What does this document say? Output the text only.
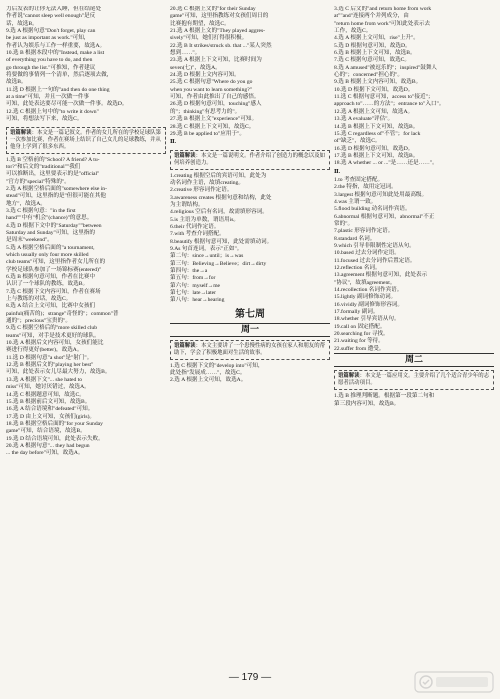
力后发表的让你无法入睡，但在结尾处

作者说"cannot sleep well enough"是反

话，故选B。

9.选 A 根据句意"Don't forget, play can

be just as important as work."可知，

作者认为娱乐与工作一样重要，故选A。

10.选 B 根据本段中的"Instead, make a list

of everything you have to do, and then

go through the list."可推知，作者建议

将要做的事情列一个清单，然后逐项去做，

故选B。

11.选 D 根据上一句的"and then do one thing

at a time"可知，并且一次做一件事

可知，此处表达要尽可能一次做一件事。故选D。

12.选 C 根据上句中的"to write it down"

可知，将想法写下来，故选C。

语篇解读：本文是一篇记叙文。作者的女儿所在的学校足球队第一次参加比赛，作者在赛场上结识了自己女儿的足球教练，并从他身上学到了很多东西。

1.选 B 空格前的"School? A friend? A tu-

tor?"和后文的"traditional""我们

可以推断出，这里要表示的是"official"

"官方的"special"特殊的"。

2.选 A 根据空格后面的"somewhere else in-

stead"可知，这里指的是"但很可能在其他

地方"，故选A。

3.选 C 根据句意："in the first

hand""中有"机会"(chance)"的意思。

4.选 D 根据下文中的"Saturday""between

Saturday and Sunday"可知，这里指的

是周末"weekend"。

5.选 A 根据空格后面的"a tournament,

which usually only four more skilled

club teams"可知，这里指作者女儿所在的

学校足球队参加了一场锦标赛(entered)"

6.选 B 根据句意可知，作者在比赛中

认识了一个球队的教练，故选B。

7.选 C 根据下文内容可知，作者在赛场

上与教练的对话，故选C。

8.选 A 结合上文可知，比赛中女孩们

painful(痛苦的)；strange"奇怪的"；common"普

通的"；precious"宝贵的"。

9.选 C 根据空格后的"more skilled club

teams"可知，对手是技术更好的球队。

10.选 A 根据后文内容可知，女孩们能比

赛进行得更好(better)，故选A。

11.选 D 根据句意"a shot"是"射门"。

12.选 B 根据后文的"playing her best"

可知，此处表示女儿尽最大努力，故选B。

13.选 A 根据下文"... she hated to

miss"可知，她讨厌错过，故选A。

14.选 C 根据题意可知，故选C。

15.选 B 根据前后文可知，故选B。

16.选 A 结合语境和"defeated"可知。

17.选 D 由上文可知，女孩们(girls)。

18.选 B 根据空格后面的"for your Sunday

game"可知，结合语境，故选B。

19.选 D 结合语境可知，此处表示失败。

20.选 A 根据句意"... they had begun

... the day before"可知，故选A。

20.选 C 根据上文的"for their Sunday

game"可知，这里指教练对女孩们周日的

比赛抱有期望，故选C。

21.选 A 根据上文的"They played aggres-

sively"可知，她们打得很积极。

22.选 B It strikes/struck sb. that ..."某人突然

想到……"。

23.选 A 根据上下文可知，比赛时间为

seven(七)"，故选A。

24.选 D 根据上文内容可知。

25.选 C 根据句意"Where do you go

when you want to learn something?"

可知，作者由此推出了自己的感悟。

26.选 D 根据句意可知，touching"感人

的"；thinking"有思考力的"。

27.选 B 根据上文"experience"可知。

28.选 C 根据上下文可知，故选C。

29.选 B be applied to"应用于"。

Ⅱ.
语篇解读：本文是一篇说明文。作者介绍了创造力的概念以及如何培养创造力。

1.creating 根据空后的宾语可知，此处为

动名词作主语，故填creating。

2.creative 形容词作定语。

3.awareness creates 根据句意和结构，此处

为主谓结构。

4.religious 空后有名词，故需填形容词。

5.is 主语为单数，谓语用is。

6.their 代词作定语。

7.with 考查介词搭配。

8.beautify 根据句意可知，此处需填动词。

9.As 句首连词，表示"正如"。

第二句：since→until；is→was

第三句：Believing→Believe；dirt→dirty

第四句：the→a

第五句：from→for

第六句：myself→me

第七句：late→later

第八句：hear→hearing

第七周
周一
语篇解读：本文主要讲了一个患慢性病的女孩在家人和朋友的帮助下，学会了积极地面对生活的故事。

1.选 C 根据下文的"develop into"可知，

此处指"发展成……"，故选C。

2.选 A 根据上文可知，故选A。

3.选 C 后文的"and return home from work

at""and"连接两个并列成分，由

"return home from work"可知此处表示去

工作，故选C。

4.选 A 根据上文可知，rise"上升"。

5.选 D 根据句意可知，故选D。

6.选 B 根据上下文可知，故选B。

7.选 C 根据句意可知，故选C。

8.选 A amused"被逗乐的"；inspired"鼓舞人

心的"；concerned"担心的"。

9.选 B 根据上文内容可知，故选B。

10.选 D 根据下文可知，故选D。

11.选 C 根据句意可知，access to"接近"；

approach to"……的方法"；entrance to"入口"。

12.选 A 根据上文可知，故选A。

13.选 A evaluate"评估"。

14.选 B 根据上下文可知，故选B。

15.选 C regardless of"不管"；for lack

of"缺乏"，故选C。

16.选 D 根据句意可知，故选D。

17.选 B 根据上下文可知，故选B。

18.选 A whether ... or ..."是……还是……"。

Ⅱ.

1.to 考查固定搭配。

2.the 特指，故用定冠词。

3.largest 根据句意可知此处用最高级。

4.was 主谓一致。

5.flood building 动名词作宾语。

6.abnormal 根据句意可知，abnormal"不正

常的"。

7.plastic 形容词作定语。

8.standard 名词。

9.which 引导非限制性定语从句。

10.based 过去分词作定语。

11.focused 过去分词作后置定语。

12.reflection 名词。

13.agreement 根据句意可知，此处表示

"协议"，故填agreement。

14.recollection 名词作宾语。

15.lightly 副词修饰动词。

16.vividly 副词修饰形容词。

17.formally 副词。

18.whether 引导宾语从句。

19.call on 固定搭配。

20.searching for 寻找。

21.waiting for 等待。

22.suffer from 遭受。

周二
语篇解读：本文是一篇应用文。主要介绍了几个适合青少年的志愿者活动项目。

1.选 B 推理判断题。根据第一段第二句和

第三段内容可知，故选B。

— 179 —
